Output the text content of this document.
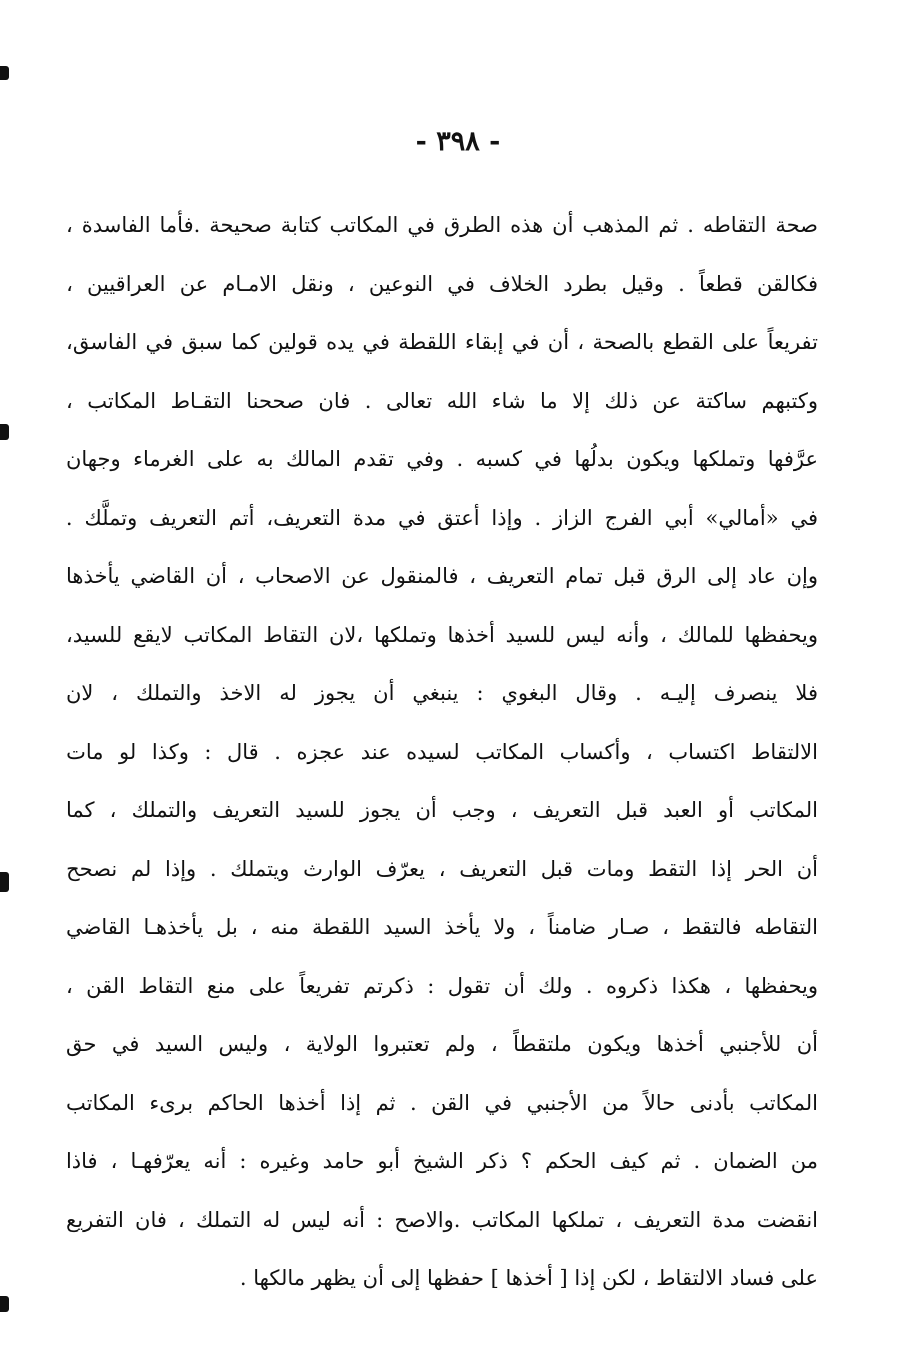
- ٣٩٨ -
صحة التقاطه . ثم المذهب أن هذه الطرق في المكاتب كتابة صحيحة .فأما الفاسدة ،
فكالقن قطعاً . وقيل بطرد الخلاف في النوعين ، ونقل الامـام عن العراقيين ،
تفريعاً على القطع بالصحة ، أن في إبقاء اللقطة في يده قولين كما سبق في الفاسق،
وكتبهم ساكتة عن ذلك إلا ما شاء الله تعالى . فان صححنا التقـاط المكاتب ،
عرَّفها وتملكها ويكون بدلُها في كسبه . وفي تقدم المالك به على الغرماء وجهان
في «أمالي» أبي الفرج الزاز . وإذا أعتق في مدة التعريف، أتم التعريف وتملَّك .
وإن عاد إلى الرق قبل تمام التعريف ، فالمنقول عن الاصحاب ، أن القاضي يأخذها
ويحفظها للمالك ، وأنه ليس للسيد أخذها وتملكها ،لان التقاط المكاتب لايقع للسيد،
فلا ينصرف إليـه . وقال البغوي : ينبغي أن يجوز له الاخذ والتملك ، لان
الالتقاط اكتساب ، وأكساب المكاتب لسيده عند عجزه . قال : وكذا لو مات
المكاتب أو العبد قبل التعريف ، وجب أن يجوز للسيد التعريف والتملك ، كما
أن الحر إذا التقط ومات قبل التعريف ، يعرّف الوارث ويتملك . وإذا لم نصحح
التقاطه فالتقط ، صـار ضامناً ، ولا يأخذ السيد اللقطة منه ، بل يأخذهـا القاضي
ويحفظها ، هكذا ذكروه . ولك أن تقول : ذكرتم تفريعاً على منع التقاط القن ،
أن للأجنبي أخذها ويكون ملتقطاً ، ولم تعتبروا الولاية ، وليس السيد في حق
المكاتب بأدنى حالاً من الأجنبي في القن . ثم إذا أخذها الحاكم برىء المكاتب
من الضمان . ثم كيف الحكم ؟ ذكر الشيخ أبو حامد وغيره : أنه يعرّفهـا ، فاذا
انقضت مدة التعريف ، تملكها المكاتب .والاصح : أنه ليس له التملك ، فان التفريع
على فساد الالتقاط ، لكن إذا [ أخذها ] حفظها إلى أن يظهر مالكها .
